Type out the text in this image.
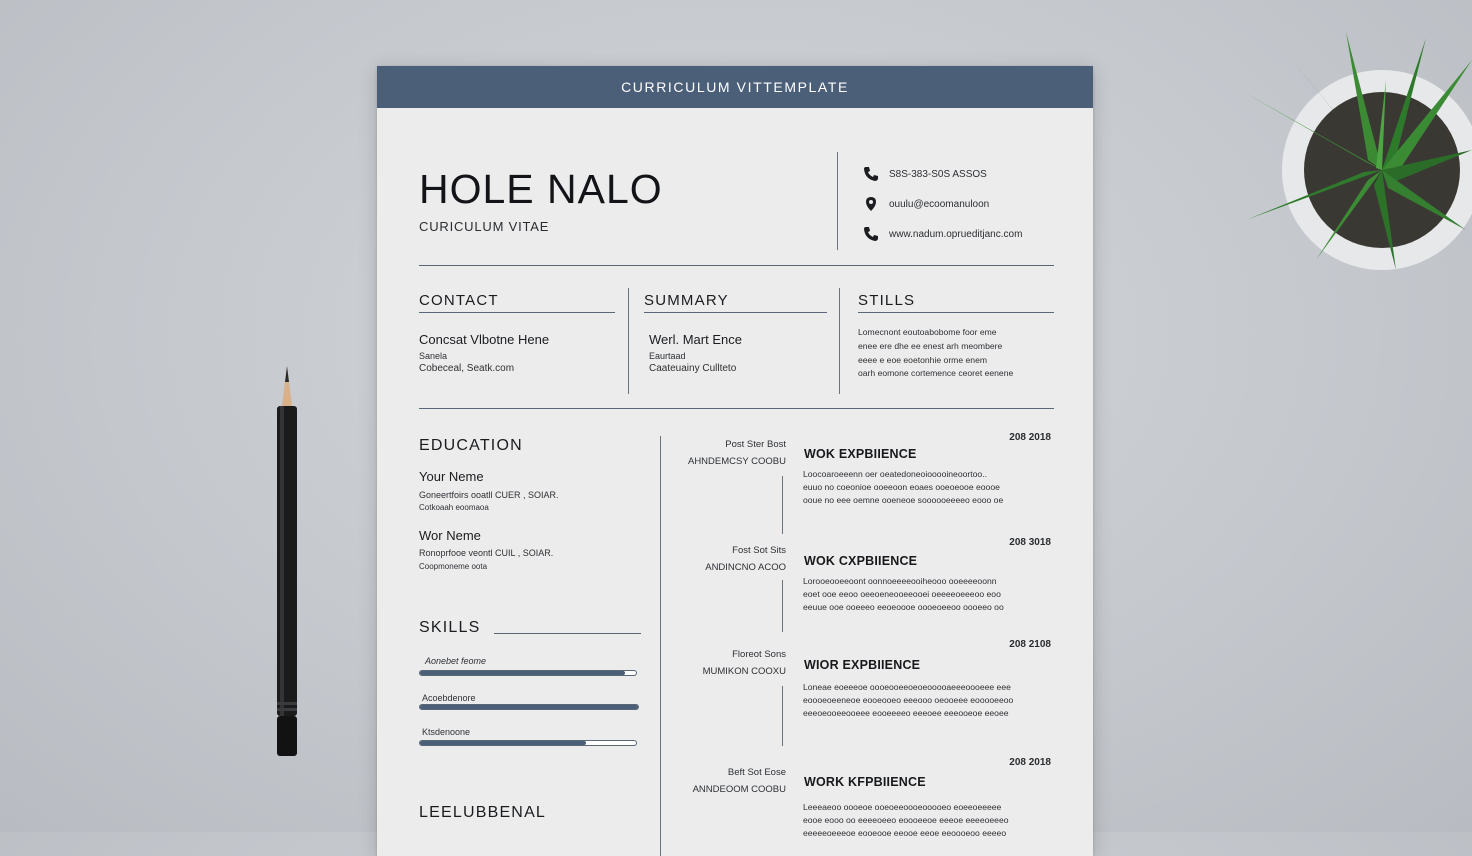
CURRICULUM VITTEMPLATE
HOLE NALO
CURICULUM VITAE
S8S-383-S0S ASSOS
ouulu@ecoomanuloon
www.nadum.oprueditjanc.com
CONTACT
Concsat Vlbotne Hene
Sanela
Cobeceal, Seatk.com
SUMMARY
Werl. Mart Ence
Eaurtaad
Caateuainy Cullteto
STILLS
Lomecnont eoutoabobome foor eme
enee ere dhe ee enest arh meombere
eeee e eoe eoetonhie orme enem
oarh eomone cortemence ceoret eenene
EDUCATION
Your Neme
Goneertfoirs ooatll CUER , SOIAR.
Cotkoaah eoomaoa
Wor Neme
Ronoprfooe veontl CUIL , SOIAR.
Coopmoneme oota
SKILLS
Aonebet feome
Acoebdenore
Ktsdenoone
LEELUBBENAL
Post Ster Bost
AHNDEMCSY COOBU
208 2018
WOK EXPBIIENCE
Loocoaroeeenn oer oeatedoneoiooooineoortoo..
euuo no coeonioe ooeeoon eoaes ooeoeooe eoooe
ooue no eee oemne ooeneoe soooooeeeeo eooo oe
Fost Sot Sits
ANDINCNO ACOO
208 3018
WOK CXPBIIENCE
Lorooeooeeoont oonnoeeeeooiheooo ooeeeeoonn
eoet ooe eeoo oeeoeneooeeooei oeeeeoeeeoo eoo
eeuue ooe ooeeeo eeoeoooe oooeoeeoo oooeeo oo
Floreot Sons
MUMIKON COOXU
208 2108
WIOR EXPBIIENCE
Loneae eoeeeoe oooeooeeoeoeooooaeeeoooeee eee
eoooeoeeneoe eooeooeo eeeooo oeooeee eooooeeoo
eeeoeooeeooeee eooeeeeo eeeoee eeeooeoe eeoee
Beft Sot Eose
ANNDEOOM COOBU
208 2018
WORK KFPBIIENCE
Leeeaeoo oooeoe ooeoeeoooeooooeo eoeeoeeeee
eooe eooo oo eeeeoeeo eoooeeoe eeeoe eeeeoeeeo
eeeeeoeeeoe eooeooe eeooe eeoe eeoooeoo eeeeo
